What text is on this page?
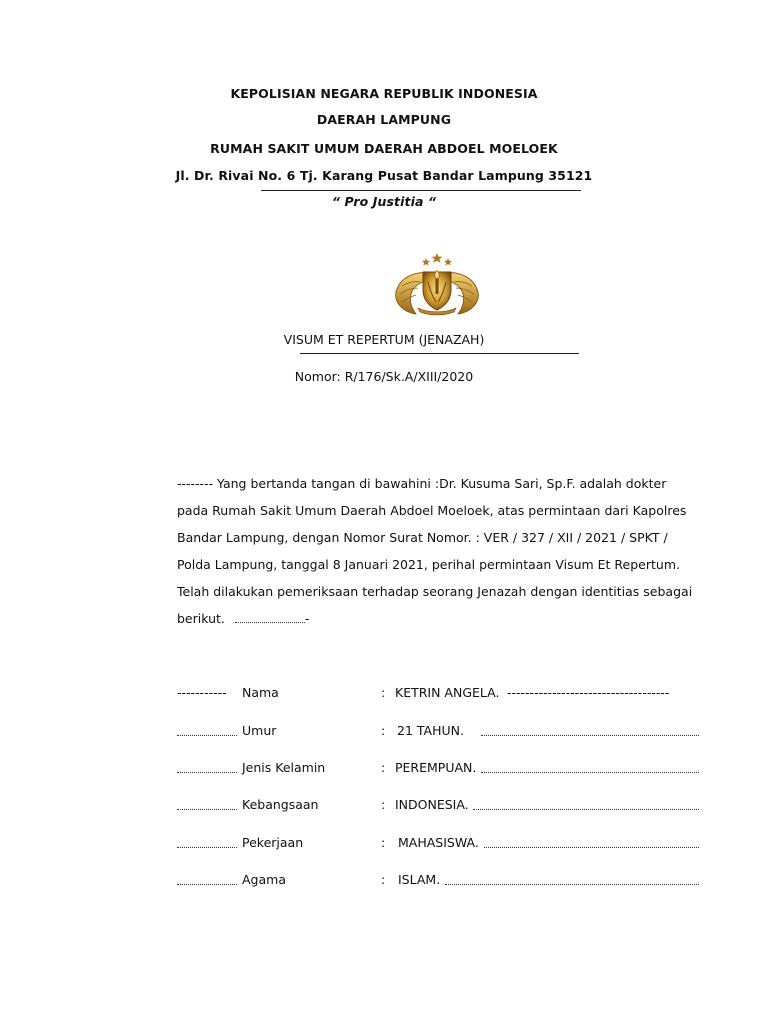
KEPOLISIAN NEGARA REPUBLIK INDONESIA
DAERAH LAMPUNG
RUMAH SAKIT UMUM DAERAH ABDOEL MOELOEK
Jl. Dr. Rivai No. 6 Tj. Karang Pusat Bandar Lampung 35121
“ Pro Justitia “
VISUM ET REPERTUM (JENAZAH)
Nomor: R/176/Sk.A/XIII/2020

-------- Yang bertanda tangan di bawahini :Dr. Kusuma Sari, Sp.F. adalah dokter

pada Rumah Sakit Umum Daerah Abdoel Moeloek, atas permintaan dari Kapolres

Bandar Lampung, dengan Nomor Surat Nomor. : VER / 327 / XII / 2021 / SPKT /

Polda Lampung, tanggal 8 Januari 2021, perihal permintaan Visum Et Repertum.

Telah dilakukan pemeriksaan terhadap seorang Jenazah dengan identitias sebagai

berikut.	-

----------- Nama	: KETRIN ANGELA. ------------------------------------
Umur	: 21 TAHUN.
Jenis Kelamin	: PEREMPUAN.
Kebangsaan	: INDONESIA.
Pekerjaan	: MAHASISWA.
Agama	: ISLAM.
